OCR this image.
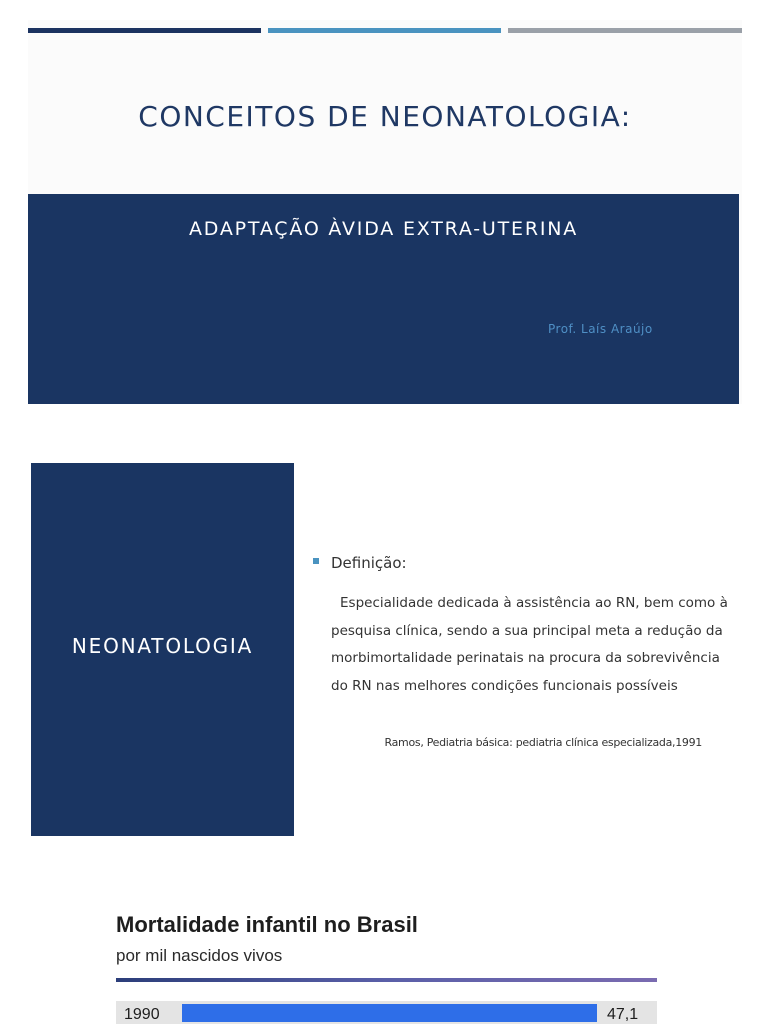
CONCEITOS DE NEONATOLOGIA:
ADAPTAÇÃO ÀVIDA EXTRA-UTERINA
Prof. Laís Araújo
NEONATOLOGIA
Definição:
Especialidade dedicada à assistência ao RN, bem como à
pesquisa clínica, sendo a sua principal meta a redução da
morbimortalidade perinatais na procura da sobrevivência
do RN nas melhores condições funcionais possíveis
Ramos, Pediatria básica: pediatria clínica especializada,1991
Mortalidade infantil no Brasil
por mil nascidos vivos
1990	47,1
